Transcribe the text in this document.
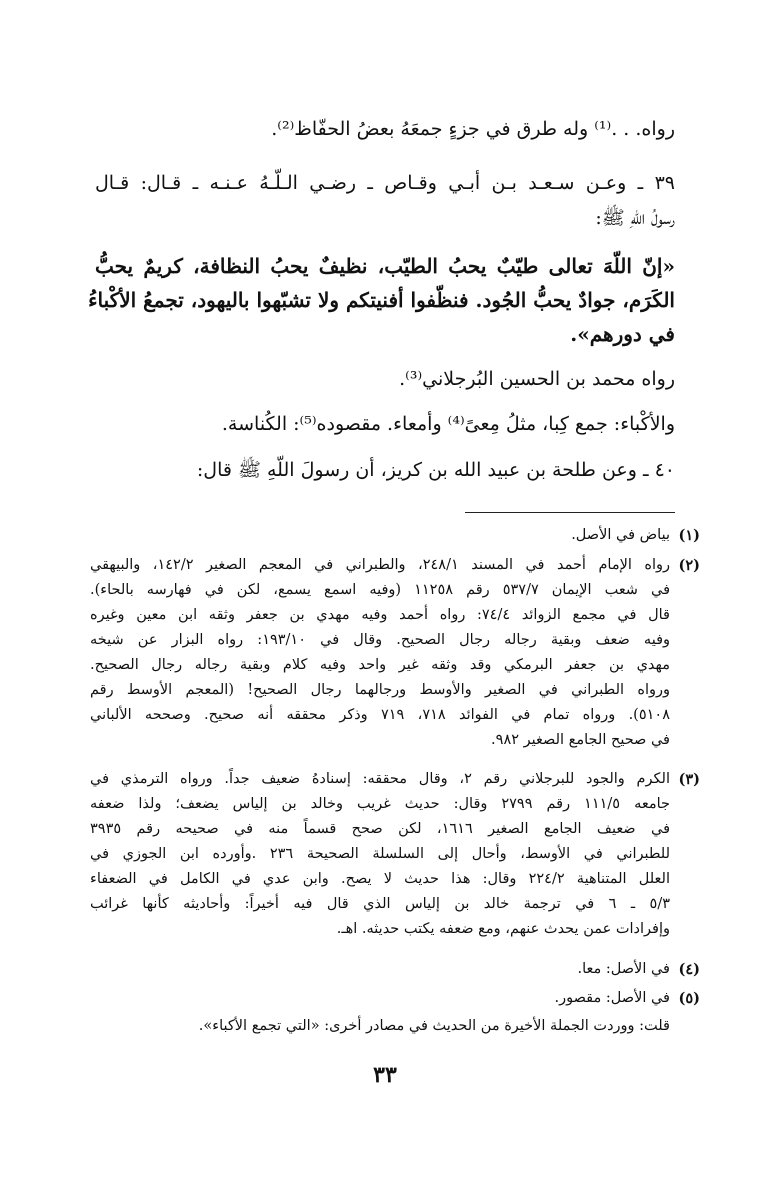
رواه. . .⁽¹⁾ وله طرق في جزءٍ جمعَهُ بعضُ الحفّاظ⁽²⁾.
٣٩ ـ وعـن سـعـد بـن أبـي وقـاص ـ رضـي الـلّـهُ عـنـه ـ قـال: قـال
رسولُ اللّهِ ﷺ:
«إنّ اللّهَ تعالى طيّبٌ يحبُ الطيّب، نظيفٌ يحبُ النظافة، كريمٌ يحبُّ
الكَرَم، جوادٌ يحبُّ الجُود. فنظّفوا أفنيتكم ولا تشبّهوا باليهود، تجمعُ الأكْباءُ
في دورهم».
رواه محمد بن الحسين البُرجلاني⁽³⁾.
والأكْباء: جمع كِبا، مثلُ مِعىً⁽⁴⁾ وأمعاء. مقصوده⁽⁵⁾: الكُناسة.
٤٠ ـ وعن طلحة بن عبيد الله بن كريز، أن رسولَ اللّهِ ﷺ قال:
(١)
بياض في الأصل.
(٢)
رواه الإمام أحمد في المسند ٢٤٨/١، والطبراني في المعجم الصغير ١٤٢/٢، والبيهقي
في شعب الإيمان ٥٣٧/٧ رقم ١١٢٥٨ (وفيه اسمع يسمع، لكن في فهارسه بالحاء).
قال في مجمع الزوائد ٧٤/٤: رواه أحمد وفيه مهدي بن جعفر وثقه ابن معين وغيره
وفيه ضعف وبقية رجاله رجال الصحيح. وقال في ١٩٣/١٠: رواه البزار عن شيخه
مهدي بن جعفر البرمكي وقد وثقه غير واحد وفيه كلام وبقية رجاله رجال الصحيح.
ورواه الطبراني في الصغير والأوسط ورجالهما رجال الصحيح! (المعجم الأوسط رقم
٥١٠٨). ورواه تمام في الفوائد ٧١٨، ٧١٩ وذكر محققه أنه صحيح. وصححه الألباني
في صحيح الجامع الصغير ٩٨٢.
(٣)
الكرم والجود للبرجلاني رقم ٢، وقال محققه: إسنادهُ ضعيف جداً. ورواه الترمذي في
جامعه ١١١/٥ رقم ٢٧٩٩ وقال: حديث غريب وخالد بن إلياس يضعف؛ ولذا ضعفه
في ضعيف الجامع الصغير ١٦١٦، لكن صحح قسماً منه في صحيحه رقم ٣٩٣٥
للطبراني في الأوسط، وأحال إلى السلسلة الصحيحة ٢٣٦ .وأورده ابن الجوزي في
العلل المتناهية ٢٢٤/٢ وقال: هذا حديث لا يصح. وابن عدي في الكامل في الضعفاء
٥/٣ ـ ٦ في ترجمة خالد بن إلياس الذي قال فيه أخيراً: وأحاديثه كأنها غرائب
وإفرادات عمن يحدث عنهم، ومع ضعفه يكتب حديثه. اهـ.
(٤)
في الأصل: معا.
(٥)
في الأصل: مقصور.
قلت: ووردت الجملة الأخيرة من الحديث في مصادر أخرى: «التي تجمع الأكباء».
٣٣
